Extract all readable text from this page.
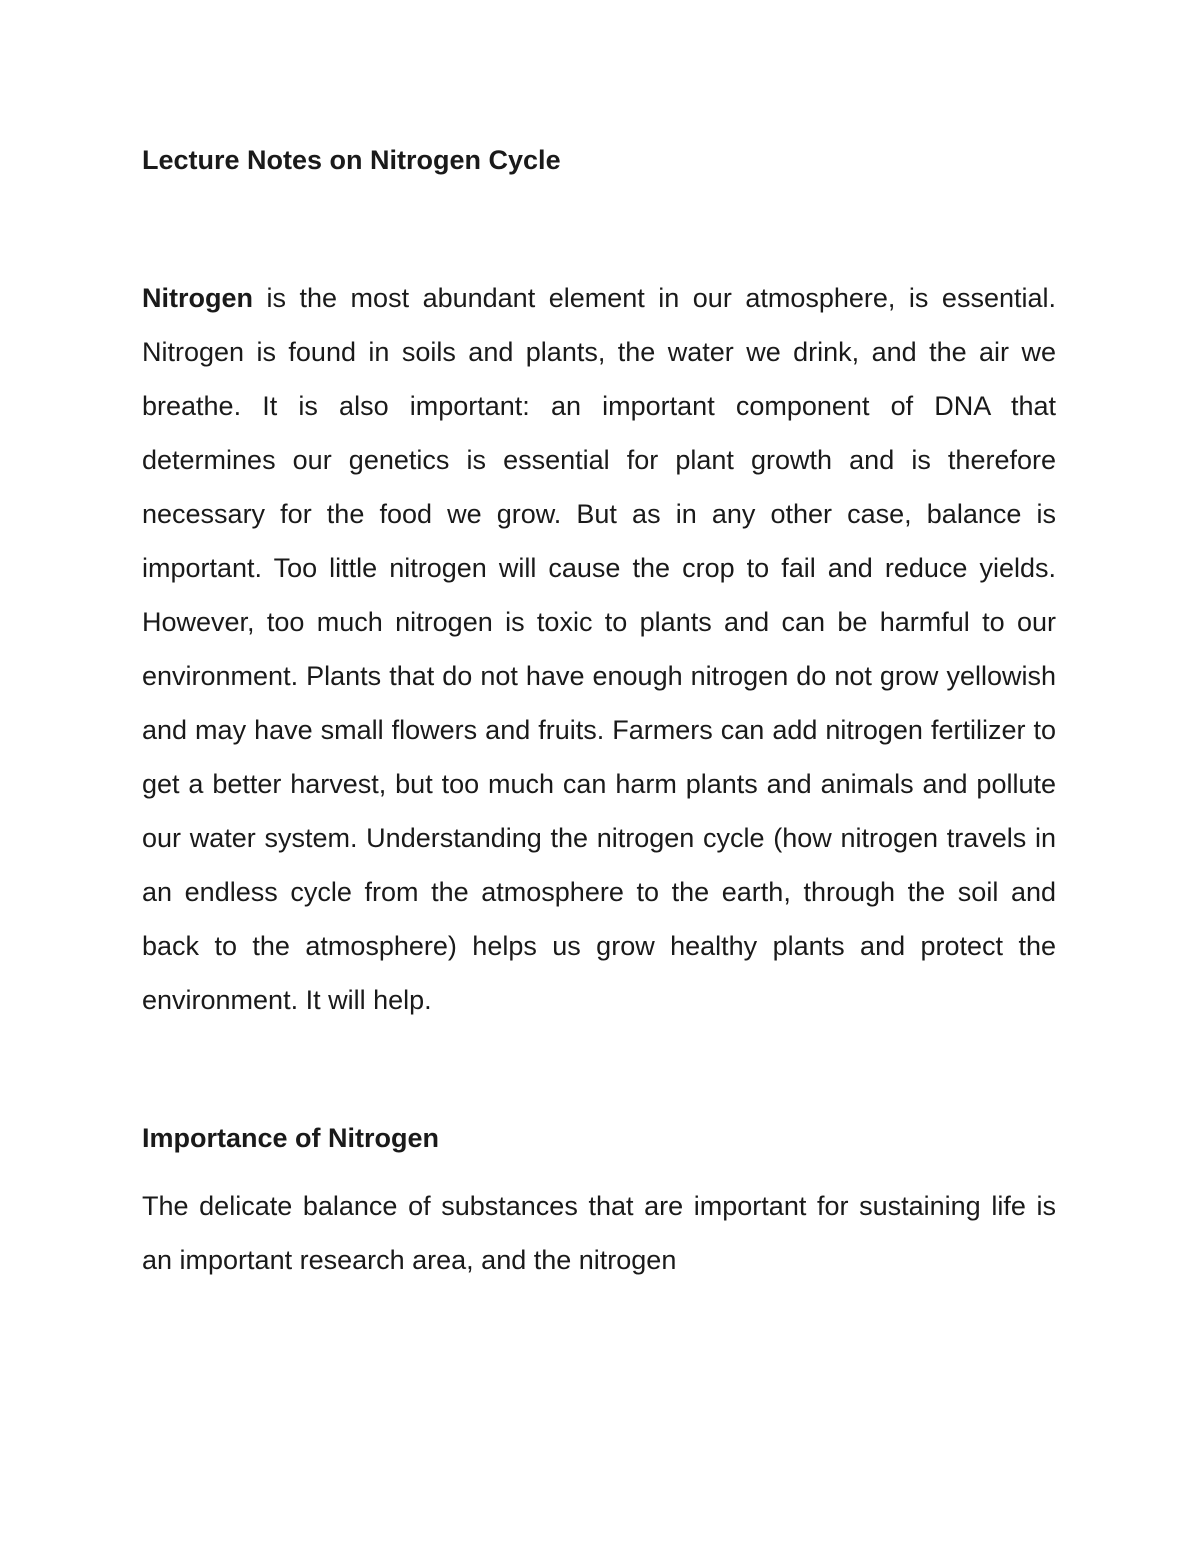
Lecture Notes on Nitrogen Cycle

Nitrogen is the most abundant element in our atmosphere, is essential. Nitrogen is found in soils and plants, the water we drink, and the air we breathe. It is also important: an important component of DNA that determines our genetics is essential for plant growth and is therefore necessary for the food we grow. But as in any other case, balance is important. Too little nitrogen will cause the crop to fail and reduce yields. However, too much nitrogen is toxic to plants and can be harmful to our environment. Plants that do not have enough nitrogen do not grow yellowish and may have small flowers and fruits. Farmers can add nitrogen fertilizer to get a better harvest, but too much can harm plants and animals and pollute our water system. Understanding the nitrogen cycle (how nitrogen travels in an endless cycle from the atmosphere to the earth, through the soil and back to the atmosphere) helps us grow healthy plants and protect the environment. It will help.

Importance of Nitrogen

The delicate balance of substances that are important for sustaining life is an important research area, and the nitrogen
